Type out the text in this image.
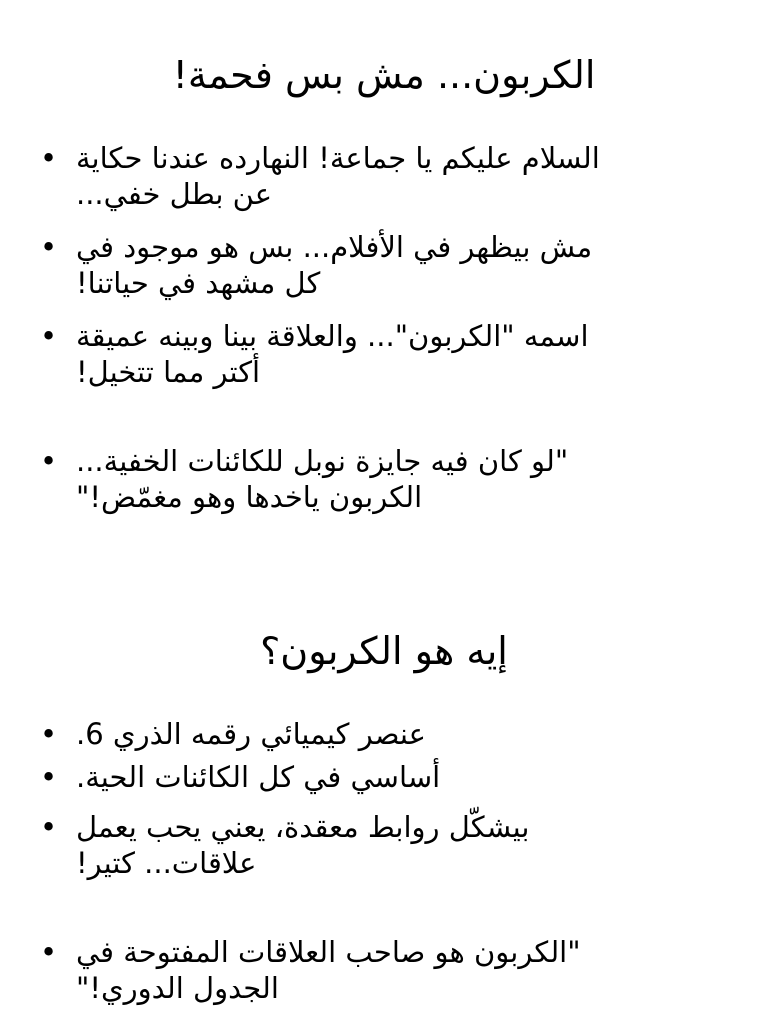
الكربون... مش بس فحمة!
• السلام عليكم يا جماعة! النهارده عندنا حكاية
عن بطل خفي...
• مش بيظهر في الأفلام... بس هو موجود في
كل مشهد في حياتنا!
• اسمه "الكربون"... والعلاقة بينا وبينه عميقة
أكتر مما تتخيل!
• "لو كان فيه جايزة نوبل للكائنات الخفية...
الكربون ياخدها وهو مغمّض!"
إيه هو الكربون؟
• عنصر كيميائي رقمه الذري 6.
• أساسي في كل الكائنات الحية.
• بيشكّل روابط معقدة، يعني يحب يعمل
علاقات... كتير!
• "الكربون هو صاحب العلاقات المفتوحة في
الجدول الدوري!"
